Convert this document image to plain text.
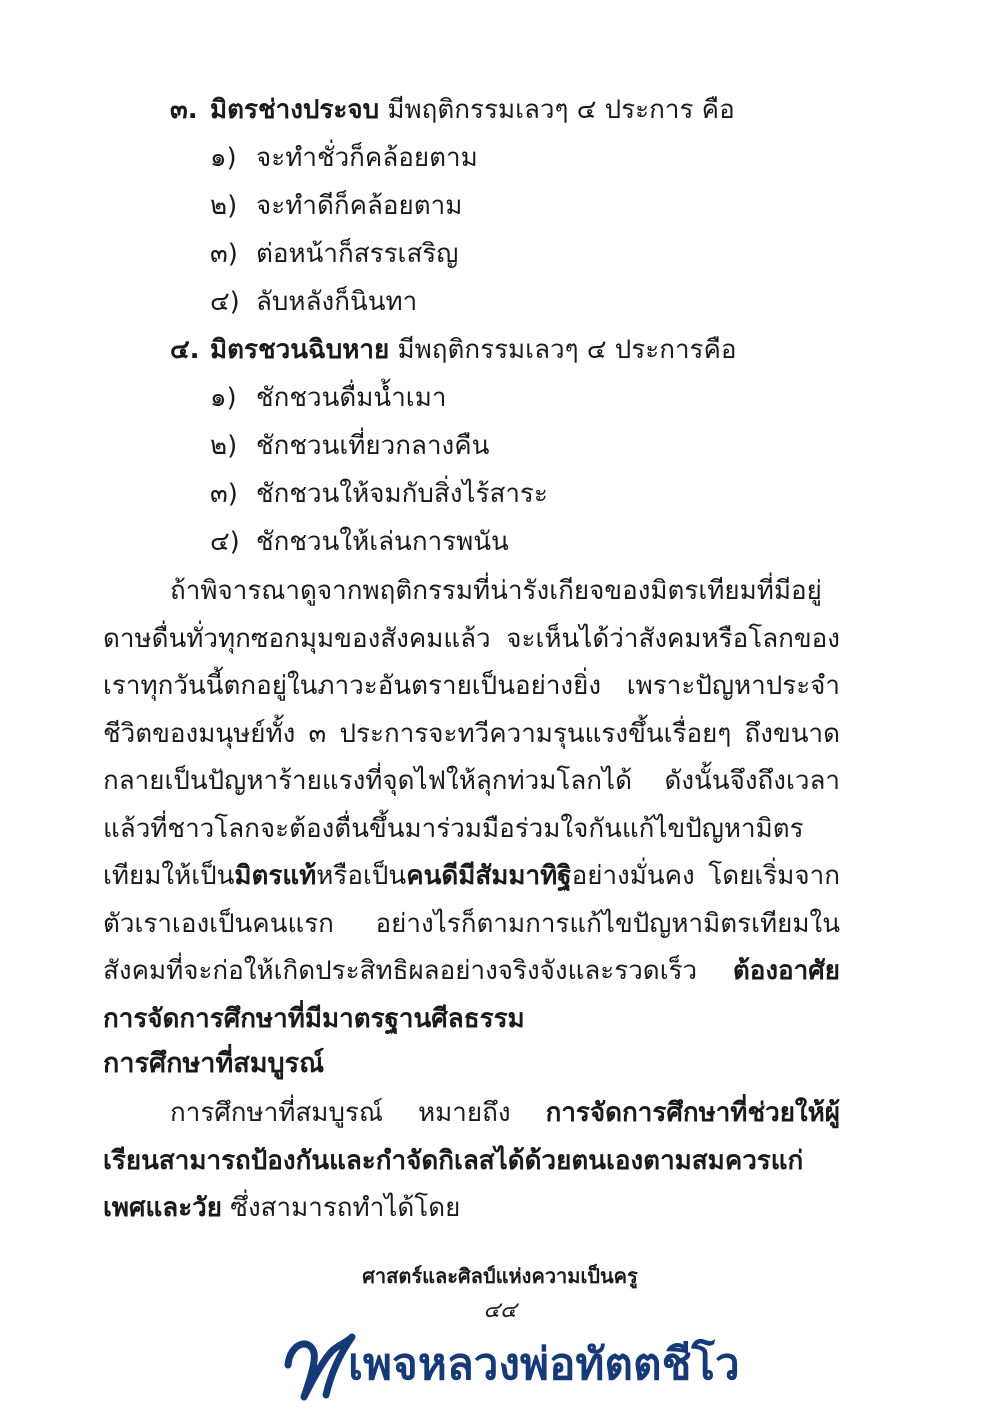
๓. มิตรช่างประจบ มีพฤติกรรมเลวๆ ๔ ประการ คือ
๑) จะทำชั่วก็คล้อยตาม
๒) จะทำดีก็คล้อยตาม
๓) ต่อหน้าก็สรรเสริญ
๔) ลับหลังก็นินทา
๔. มิตรชวนฉิบหาย มีพฤติกรรมเลวๆ ๔ ประการคือ
๑) ชักชวนดื่มน้ำเมา
๒) ชักชวนเที่ยวกลางคืน
๓) ชักชวนให้จมกับสิ่งไร้สาระ
๔) ชักชวนให้เล่นการพนัน

ถ้าพิจารณาดูจากพฤติกรรมที่น่ารังเกียจของมิตรเทียมที่มีอยู่ดาษดื่นทั่วทุกซอกมุมของสังคมแล้ว จะเห็นได้ว่าสังคมหรือโลกของเราทุกวันนี้ตกอยู่ในภาวะอันตรายเป็นอย่างยิ่ง เพราะปัญหาประจำชีวิตของมนุษย์ทั้ง ๓ ประการจะทวีความรุนแรงขึ้นเรื่อยๆ ถึงขนาดกลายเป็นปัญหาร้ายแรงที่จุดไฟให้ลุกท่วมโลกได้ ดังนั้นจึงถึงเวลาแล้วที่ชาวโลกจะต้องตื่นขึ้นมาร่วมมือร่วมใจกันแก้ไขปัญหามิตรเทียมให้เป็นมิตรแท้หรือเป็นคนดีมีสัมมาทิฐิอย่างมั่นคง โดยเริ่มจากตัวเราเองเป็นคนแรก อย่างไรก็ตามการแก้ไขปัญหามิตรเทียมในสังคมที่จะก่อให้เกิดประสิทธิผลอย่างจริงจังและรวดเร็ว ต้องอาศัยการจัดการศึกษาที่มีมาตรฐานศีลธรรม

การศึกษาที่สมบูรณ์

การศึกษาที่สมบูรณ์ หมายถึง การจัดการศึกษาที่ช่วยให้ผู้เรียนสามารถป้องกันและกำจัดกิเลสได้ด้วยตนเองตามสมควรแก่เพศและวัย ซึ่งสามารถทำได้โดย

ศาสตร์และศิลป์แห่งความเป็นครู
๔๔
เพจหลวงพ่อทัตตชีโว
